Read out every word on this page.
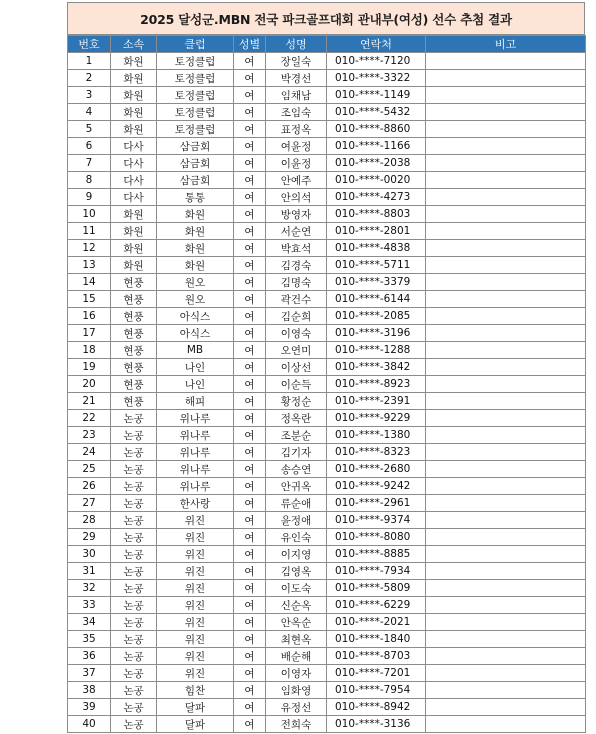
2025 달성군.MBN 전국 파크골프대회 관내부(여성) 선수 추첨 결과
번호	소속	클럽	성별	성명	연락처	비고
1	화원	토정클럽	여	장일숙	010-****-7120	
2	화원	토정클럽	여	박경선	010-****-3322	
3	화원	토정클럽	여	임채남	010-****-1149	
4	화원	토정클럽	여	조임숙	010-****-5432	
5	화원	토정클럽	여	표정옥	010-****-8860	
6	다사	삼금회	여	여윤정	010-****-1166	
7	다사	삼금회	여	이윤정	010-****-2038	
8	다사	삼금회	여	안예주	010-****-0020	
9	다사	통통	여	안의석	010-****-4273	
10	화원	화원	여	방영자	010-****-8803	
11	화원	화원	여	서순연	010-****-2801	
12	화원	화원	여	박효석	010-****-4838	
13	화원	화원	여	김경숙	010-****-5711	
14	현풍	원오	여	김명숙	010-****-3379	
15	현풍	원오	여	곽건수	010-****-6144	
16	현풍	아식스	여	김순희	010-****-2085	
17	현풍	아식스	여	이영숙	010-****-3196	
18	현풍	MB	여	오연미	010-****-1288	
19	현풍	나인	여	이상선	010-****-3842	
20	현풍	나인	여	이순득	010-****-8923	
21	현풍	해피	여	황정순	010-****-2391	
22	논공	위나루	여	정옥란	010-****-9229	
23	논공	위나루	여	조분순	010-****-1380	
24	논공	위나루	여	김기자	010-****-8323	
25	논공	위나루	여	송승연	010-****-2680	
26	논공	위나루	여	안귀옥	010-****-9242	
27	논공	한사랑	여	류순애	010-****-2961	
28	논공	위진	여	윤정애	010-****-9374	
29	논공	위진	여	유인숙	010-****-8080	
30	논공	위진	여	이지영	010-****-8885	
31	논공	위진	여	김영옥	010-****-7934	
32	논공	위진	여	이도숙	010-****-5809	
33	논공	위진	여	신순옥	010-****-6229	
34	논공	위진	여	안옥순	010-****-2021	
35	논공	위진	여	최현옥	010-****-1840	
36	논공	위진	여	배순해	010-****-8703	
37	논공	위진	여	이영자	010-****-7201	
38	논공	힘찬	여	임화영	010-****-7954	
39	논공	달파	여	유정선	010-****-8942	
40	논공	달파	여	전희숙	010-****-3136	
